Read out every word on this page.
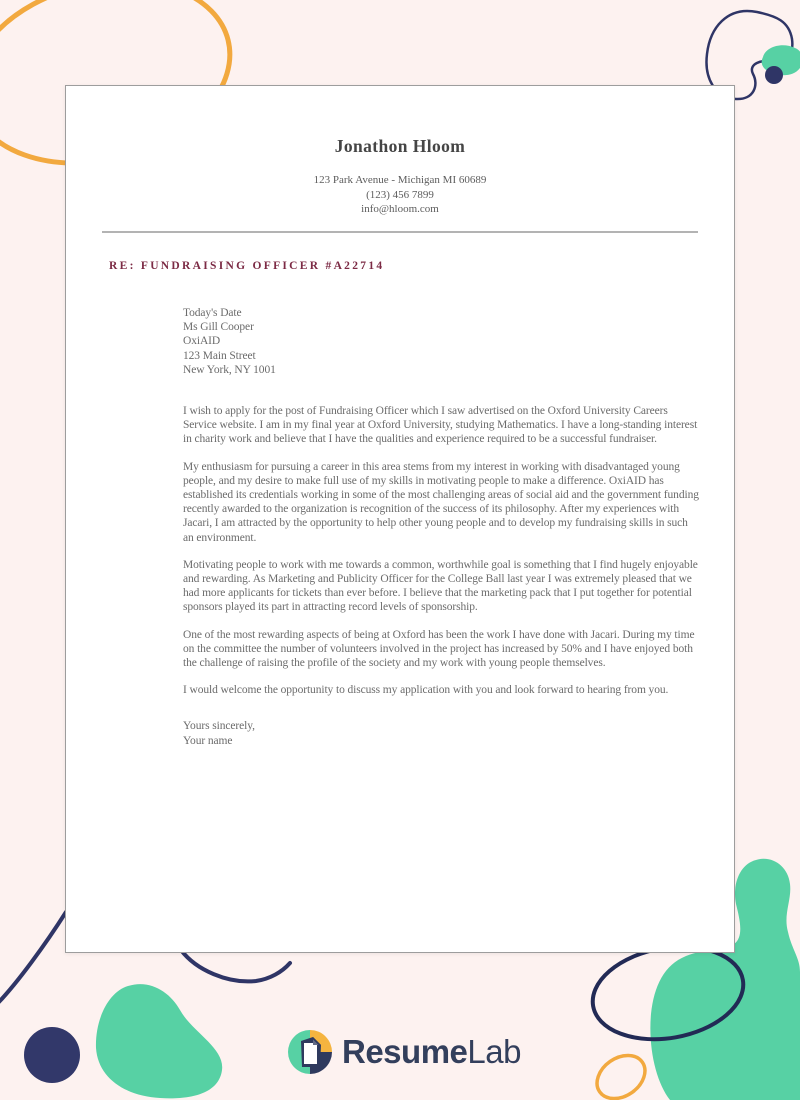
Jonathon Hloom
123 Park Avenue - Michigan MI 60689
(123) 456 7899
info@hloom.com
RE: FUNDRAISING OFFICER #A22714
Today's Date
Ms Gill Cooper
OxiAID
123 Main Street
New York, NY 1001

I wish to apply for the post of Fundraising Officer which I saw advertised on the Oxford University Careers Service website. I am in my final year at Oxford University, studying Mathematics. I have a long-standing interest in charity work and believe that I have the qualities and experience required to be a successful fundraiser.

My enthusiasm for pursuing a career in this area stems from my interest in working with disadvantaged young people, and my desire to make full use of my skills in motivating people to make a difference. OxiAID has established its credentials working in some of the most challenging areas of social aid and the government funding recently awarded to the organization is recognition of the success of its philosophy. After my experiences with Jacari, I am attracted by the opportunity to help other young people and to develop my fundraising skills in such an environment.

Motivating people to work with me towards a common, worthwhile goal is something that I find hugely enjoyable and rewarding. As Marketing and Publicity Officer for the College Ball last year I was extremely pleased that we had more applicants for tickets than ever before. I believe that the marketing pack that I put together for potential sponsors played its part in attracting record levels of sponsorship.

One of the most rewarding aspects of being at Oxford has been the work I have done with Jacari. During my time on the committee the number of volunteers involved in the project has increased by 50% and I have enjoyed both the challenge of raising the profile of the society and my work with young people themselves.

I would welcome the opportunity to discuss my application with you and look forward to hearing from you.

Yours sincerely,
Your name
ResumeLab
